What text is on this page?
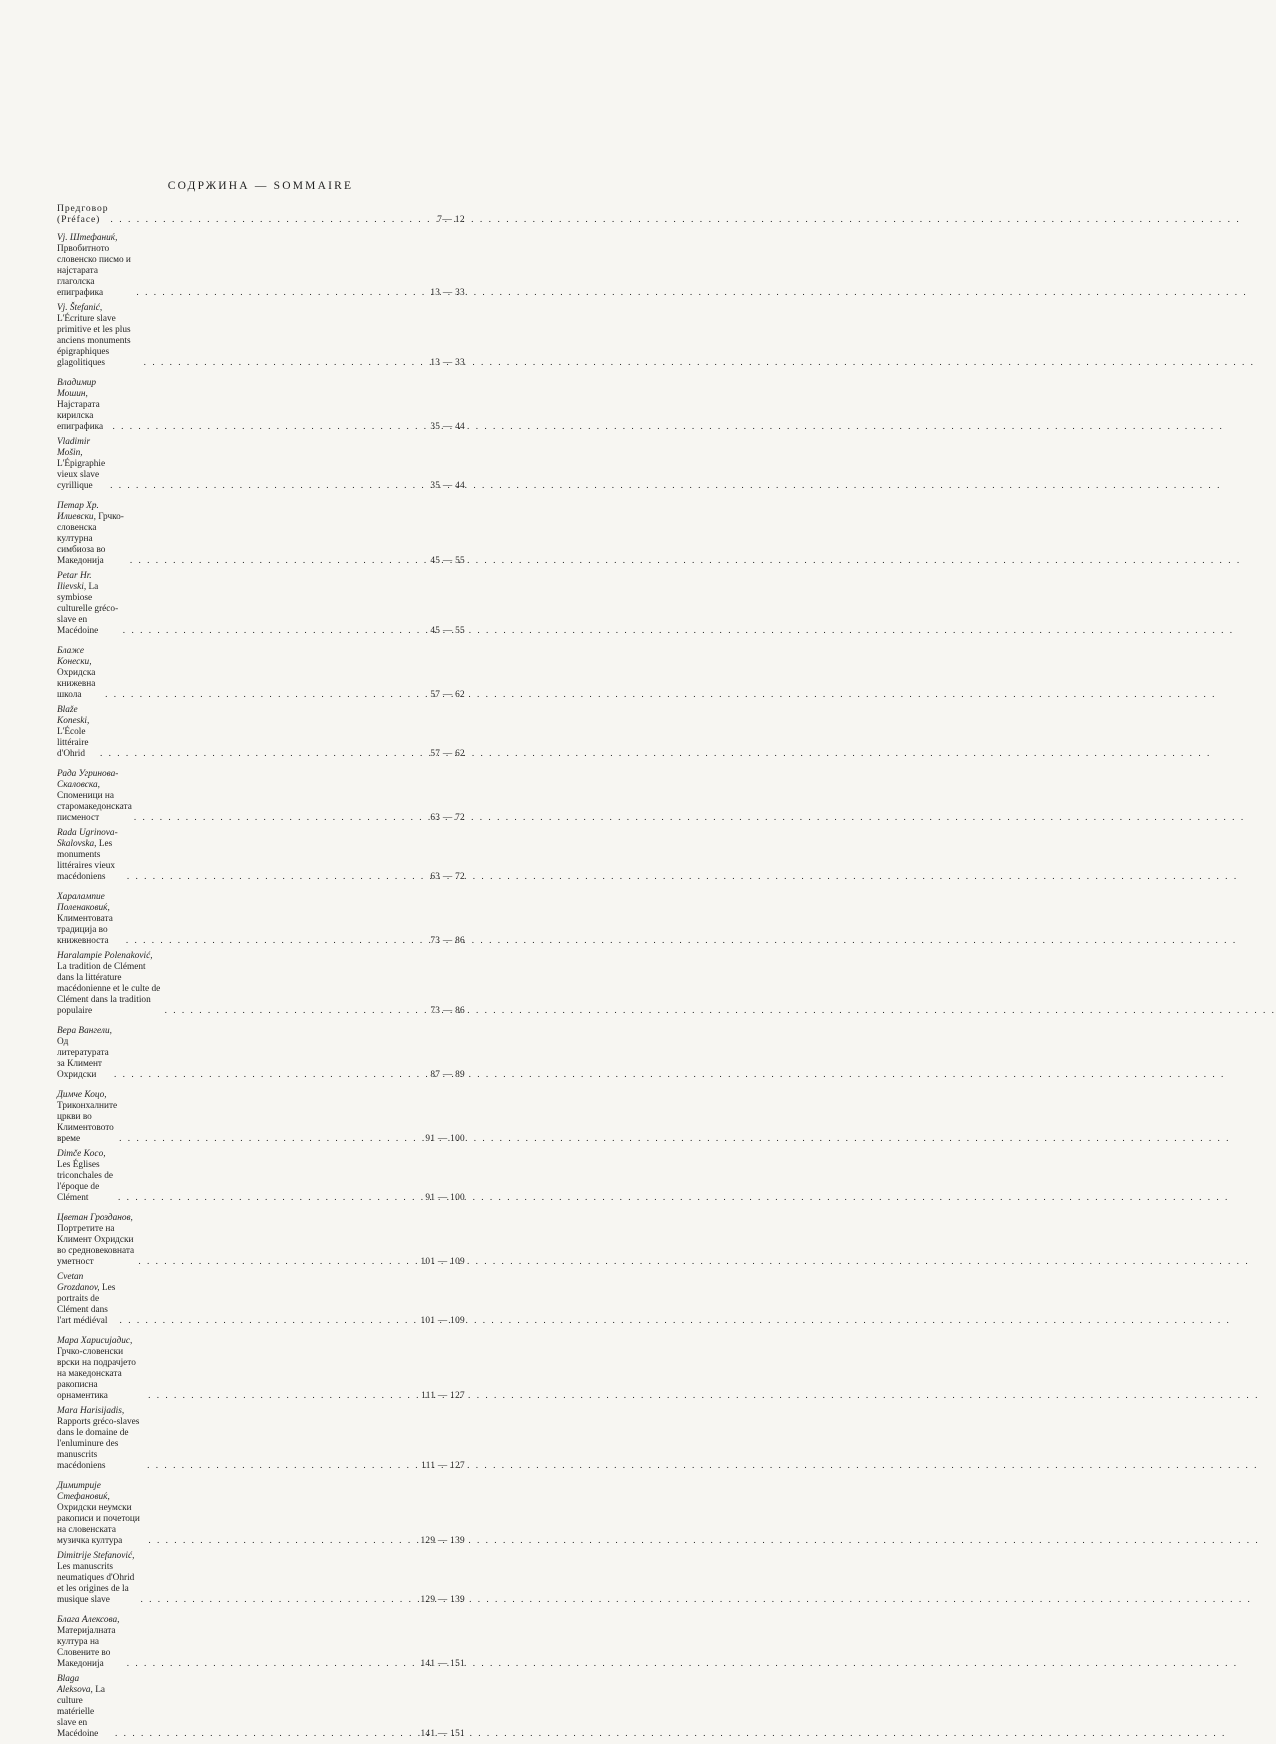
СОДРЖИНА — SOMMAIRE
Предговор (Préface) . . .	7— 12
Vj. Штефаниќ, Првобитното словенско писмо и најстарата глаголска епиграфика . . .	13 — 33
Vj. Štefanić, L'Écriture slave primitive et les plus anciens monuments épigraphiques glagolitiques . . .	13 — 33
Владимир Мошин, Најстарата кирилска епиграфика . . .	35 — 44
Vladimir Mošin, L'Épigraphie vieux slave cyrillique . . .	35 — 44
Петар Хр. Илиевски, Грчко-словенска културна симбиоза во Македонија . . .	45 — 55
Petar Hr. Ilievski, La symbiose culturelle gréco-slave en Macédoine . . .	45 — 55
Блаже Конески, Охридска книжевна школа . . .	57 — 62
Blaže Koneski, L'École littéraire d'Ohrid . . .	57 — 62
Рада Угринова-Скаловска, Споменици на старомакедонската писменост . . .	63 — 72
Rada Ugrinova-Skalovska, Les monuments littéraires vieux macédoniens . . .	63 — 72
Харалампие Поленаковиќ, Климентовата традиција во книжевноста . . .	73 — 86
Haralampie Polenaković, La tradition de Clément dans la littérature macédonienne et le culte de Clément dans la tradition populaire . . .	73 — 86
Вера Вангели, Од литературата за Климент Охридски . . .	87 — 89
Димче Коцо, Триконхалните цркви во Климентовото време . . .	91 — 100
Dimče Koco, Les Églises triconchales de l'époque de Clément . . .	91 — 100
Цветан Грозданов, Портретите на Климент Охридски во средновековната уметност . . .	101 — 109
Cvetan Grozdanov, Les portraits de Clément dans l'art médiéval . . .	101 — 109
Мара Харисијадис, Грчко-словенски врски на подрачјето на македонската ракописна орнаментика . . .	111 — 127
Mara Harisijadis, Rapports gréco-slaves dans le domaine de l'enluminure des manuscrits macédoniens . . .	111 — 127
Димитрије Стефановиќ, Охридски неумски ракописи и почетоци на словенската музичка култура . . .	129 — 139
Dimitrije Stefanović, Les manuscrits neumatiques d'Ohrid et les origines de la musique slave . . .	129 — 139
Благa Алексова, Материјалната култура на Словените во Македонија . . .	141 — 151
Blaga Aleksova, La culture matérielle slave en Macédoine . . .	141 — 151
